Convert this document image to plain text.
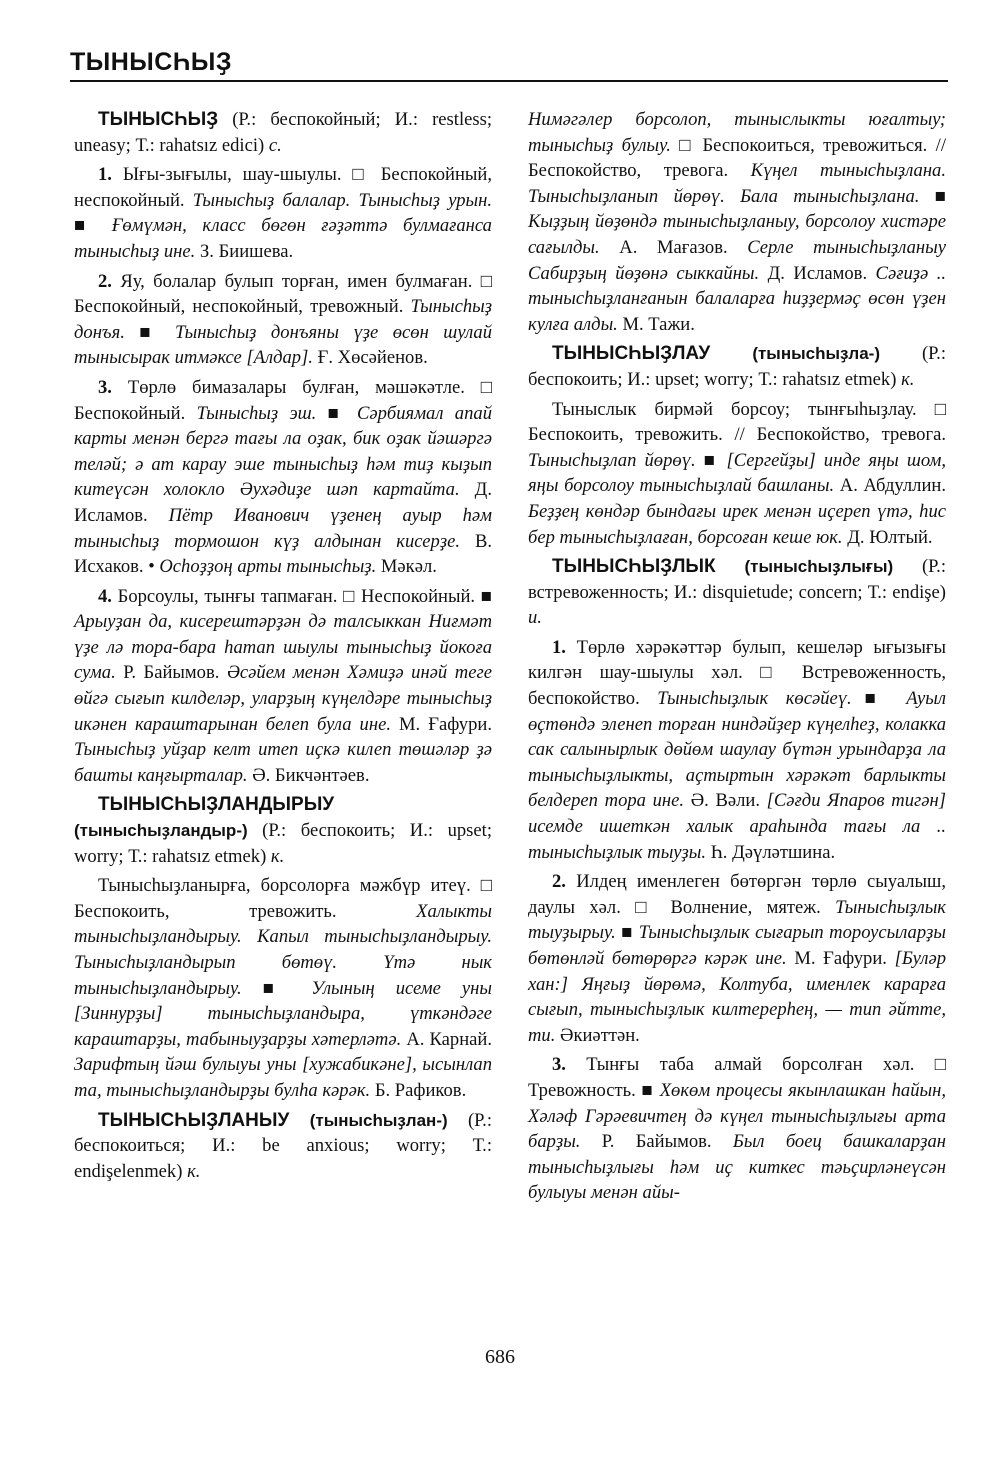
ТЫНЫСҺЫҘ

ТЫНЫСҺЫҘ (Р.: беспокойный; И.: restless; uneasy; Т.: rahatsız edici) с.

1. Ығы-зығылы, шау-шыулы. □ Беспокойный, неспокойный. Тынысһыҙ балалар. Тынысһыҙ урын. ■ Ғөмүмән, класс бөгөн ғәҙәттә булмағанса тынысһыҙ ине. З. Биишева.

2. Яу, болалар булып торған, имен булмаған. □ Беспокойный, неспокойный, тревожный. Тынысһыҙ донъя. ■ Тынысһыҙ донъяны үҙе өсөн шулай тынысырак итмәксе [Алдар]. Ғ. Хөсәйенов.

3. Төрлө бимазалары булған, мәшәкәтле. □ Беспокойный. Тынысһыҙ эш. ■ Сәрбиямал апай карты менән бергә тағы ла оҙак, бик оҙак йәшәргә теләй; ә ат карау эше тынысһыҙ һәм тиҙ кыҙып китеүсән холокло Әухәдиҙе шәп картайта. Д. Исламов. Пётр Иванович үҙенең ауыр һәм тынысһыҙ тормошон күҙ алдынан кисерҙе. В. Исхаков. • Осһоҙҙоң арты тынысһыҙ. Мәкәл.

4. Борсоулы, тынғы тапмаған. □ Неспокойный. ■ Арыуҙан да, кисерештәрҙән дә талсыккан Ниғмәт үҙе лә тора-бара һатап шыулы тынысһыҙ йокоға сума. Р. Байымов. Әсәйем менән Хәмиҙә инәй теге өйгә сығып килделәр, уларҙың күңелдәре тынысһыҙ икәнен караштарынан белеп була ине. М. Ғафури. Тынысһыҙ уйҙар келт итеп иҫкә килеп төшәләр ҙә башты каңғырталар. Ә. Бикчәнтәев.

ТЫНЫСҺЫҘЛАНДЫРЫУ (тынысһыҙландыр-) (Р.: беспокоить; И.: upset; worry; Т.: rahatsız etmek) к.

Тынысһыҙланырға, борсолорға мәжбүр итеү. □ Беспокоить, тревожить. Халыкты тынысһыҙландырыу. Капыл тынысһыҙландырыу. Тынысһыҙландырып бөтөү. Үтә нык тынысһыҙландырыу. ■ Улының исеме уны [Зиннурҙы] тынысһыҙландыра, үткәндәге караштарҙы, табыныуҙарҙы хәтерләтә. А. Карнай. Зарифтың йәш булыуы уны [хужабикәне], ысынлап та, тынысһыҙландырҙы булһа кәрәк. Б. Рафиков.

ТЫНЫСҺЫҘЛАНЫУ (тынысһыҙлан-) (Р.: беспокоиться; И.: be anxious; worry; Т.: endişelenmek) к.

Нимәгәлер борсолоп, тыныслыкты юғалтыу; тынысһыҙ булыу. □ Беспокоиться, тревожиться. // Беспокойство, тревога. Күңел тынысһыҙлана. Тынысһыҙланып йөрөү. Бала тынысһыҙлана. ■ Кыҙҙың йөҙөндә тынысһыҙланыу, борсолоу хистәре сағылды. А. Мағазов. Серле тынысһыҙланыу Сабирҙың йөҙөнә сыккайны. Д. Исламов. Сәғиҙә .. тынысһыҙланғанын балаларға һиҙҙермәҫ өсөн үҙен кулға алды. М. Тажи.

ТЫНЫСҺЫҘЛАУ (тынысһыҙла-) (Р.: беспокоить; И.: upset; worry; Т.: rahatsız etmek) к.

Тыныслык бирмәй борсоу; тынғыһыҙлау. □ Беспокоить, тревожить. // Беспокойство, тревога. Тынысһыҙлап йөрөү. ■ [Сергейҙы] инде яңы шом, яңы борсолоу тынысһыҙлай башланы. А. Абдуллин. Беҙҙең көндәр бындағы ирек менән иҫереп үтә, һис бер тынысһыҙлаған, борсоған кеше юк. Д. Юлтый.

ТЫНЫСҺЫҘЛЫК (тынысһыҙлығы) (Р.: встревоженность; И.: disquietude; concern; Т.: endişe) и.

1. Төрлө хәрәкәттәр булып, кешеләр ығызығы килгән шау-шыулы хәл. □ Встревоженность, беспокойство. Тынысһыҙлык көсәйеү.■ Ауыл өҫтөндә эленеп торған ниндәйҙер күңелһеҙ, колакка сак салынырлык дөйөм шаулау бүтән урындарҙа ла тынысһыҙлыкты, аҫтыртын хәрәкәт барлыкты белдереп тора ине. Ә. Вәли. [Сәғди Япаров тигән] исемде ишеткән халык араһында тағы ла .. тынысһыҙлык тыуҙы. Һ. Дәүләтшина.

2. Илдең именлеген бөтөргән төрлө сыуалыш, даулы хәл. □ Волнение, мятеж. Тынысһыҙлык тыуҙырыу. ■ Тынысһыҙлык сығарып тороусыларҙы бөтөнләй бөтөрөргә кәрәк ине. М. Ғафури. [Буләр хан:] Яңғыҙ йөрөмә, Колтуба, именлек карарға сығып, тынысһыҙлык килтерерһең, — тип әйтте, ти. Әкиәттән.

3. Тынғы таба алмай борсолған хәл. □ Тревожность. ■ Хөкөм процесы якынлашкан һайын, Хәләф Гәрәевичтең дә күңел тынысһыҙлығы арта барҙы. Р. Байымов. Был боец башкаларҙан тынысһыҙлығы һәм иҫ киткес тәьҫирләнеүсән булыуы менән айы-

686
